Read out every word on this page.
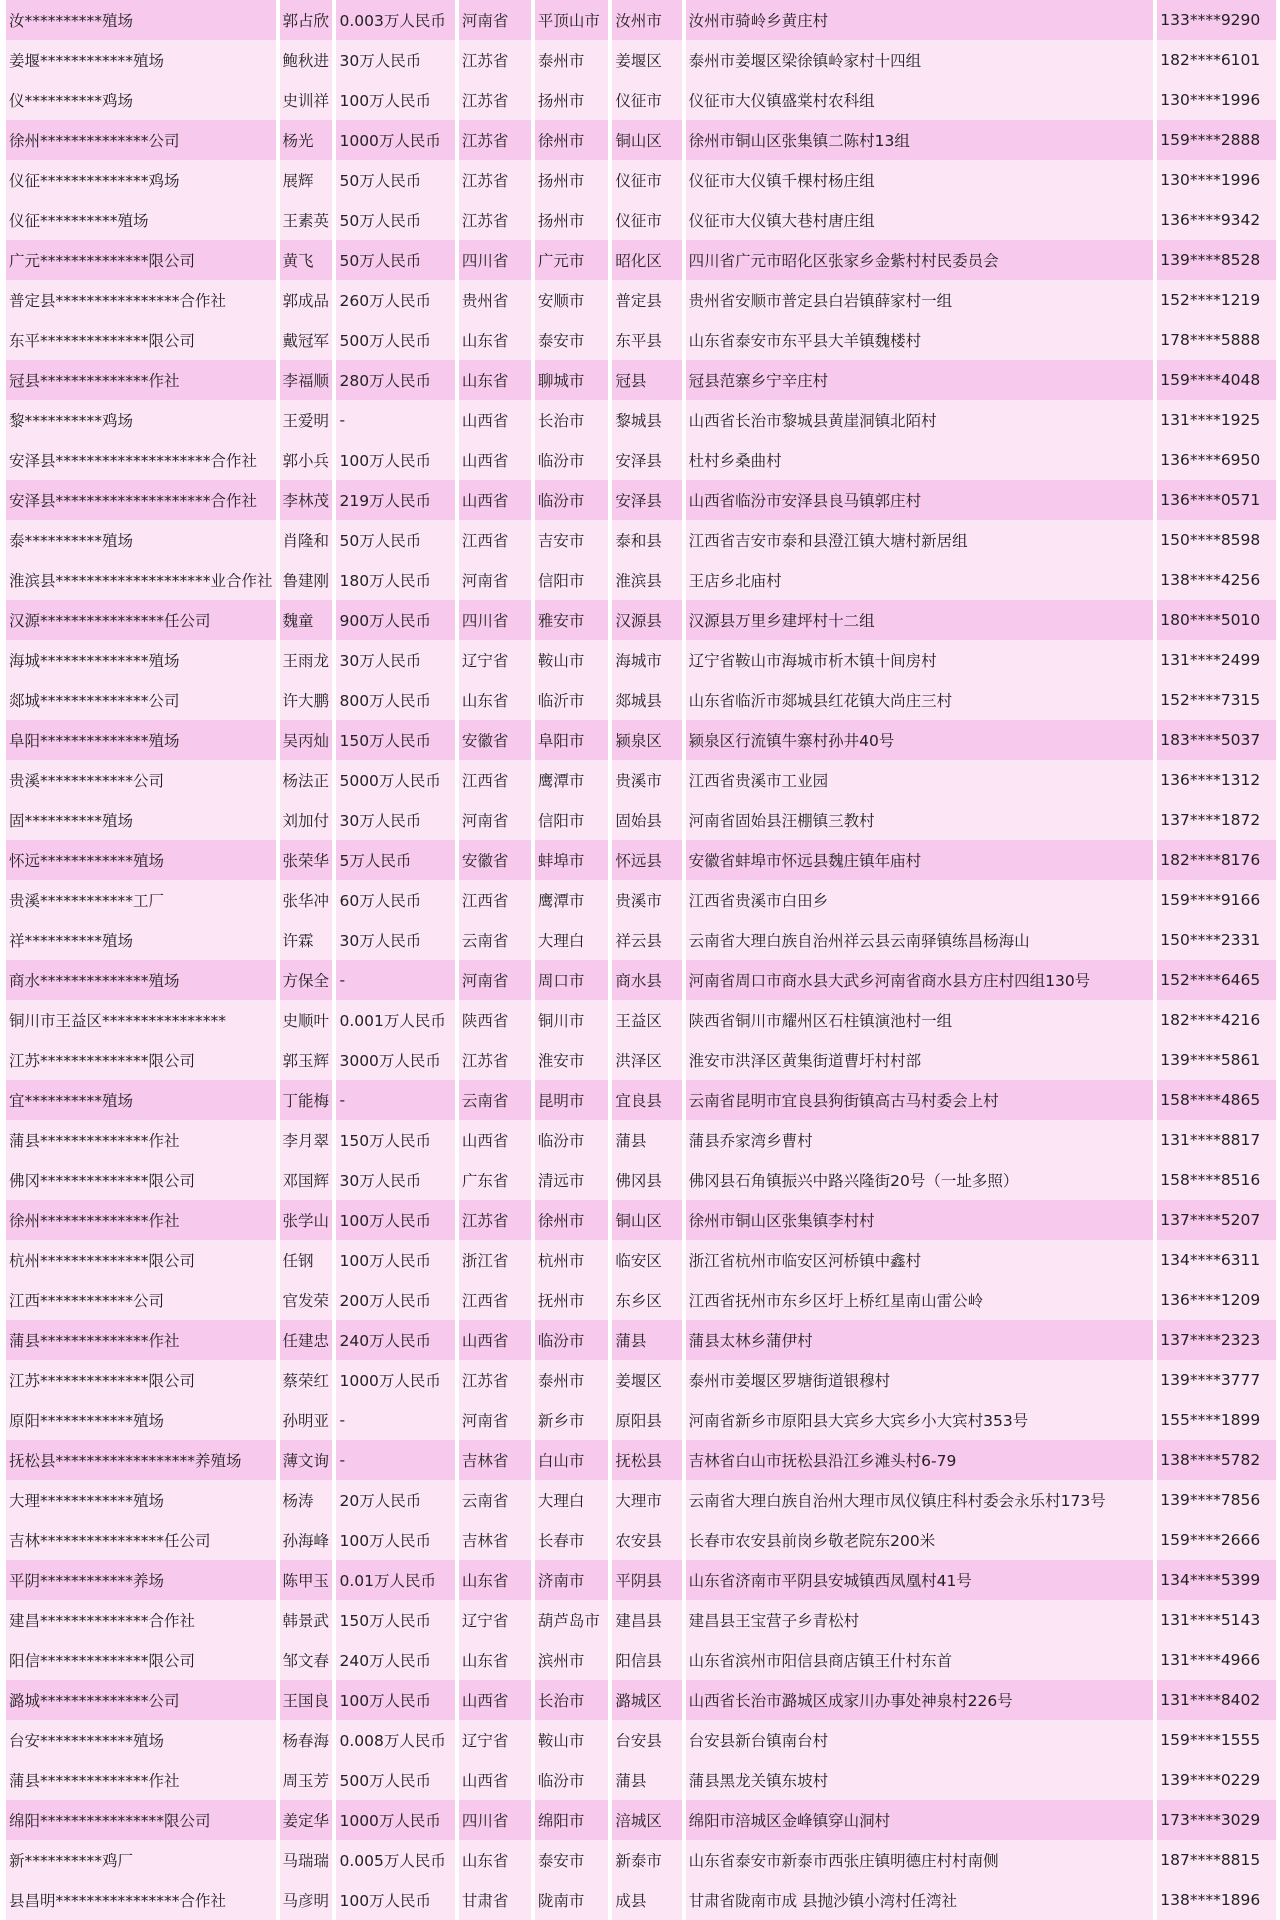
汝**********殖场	郭占欣	0.003万人民币	河南省	平顶山市	汝州市	汝州市骑岭乡黄庄村	133****9290
姜堰************殖场	鲍秋进	30万人民币	江苏省	泰州市	姜堰区	泰州市姜堰区梁徐镇岭家村十四组	182****6101
仪**********鸡场	史训祥	100万人民币	江苏省	扬州市	仪征市	仪征市大仪镇盛棠村农科组	130****1996
徐州**************公司	杨光	1000万人民币	江苏省	徐州市	铜山区	徐州市铜山区张集镇二陈村13组	159****2888
仪征**************鸡场	展辉	50万人民币	江苏省	扬州市	仪征市	仪征市大仪镇千棵村杨庄组	130****1996
仪征**********殖场	王素英	50万人民币	江苏省	扬州市	仪征市	仪征市大仪镇大巷村唐庄组	136****9342
广元**************限公司	黄飞	50万人民币	四川省	广元市	昭化区	四川省广元市昭化区张家乡金紫村村民委员会	139****8528
普定县****************合作社	郭成品	260万人民币	贵州省	安顺市	普定县	贵州省安顺市普定县白岩镇薛家村一组	152****1219
东平**************限公司	戴冠军	500万人民币	山东省	泰安市	东平县	山东省泰安市东平县大羊镇魏楼村	178****5888
冠县**************作社	李福顺	280万人民币	山东省	聊城市	冠县	冠县范寨乡宁辛庄村	159****4048
黎**********鸡场	王爱明	-	山西省	长治市	黎城县	山西省长治市黎城县黄崖洞镇北陌村	131****1925
安泽县********************合作社	郭小兵	100万人民币	山西省	临汾市	安泽县	杜村乡桑曲村	136****6950
安泽县********************合作社	李林茂	219万人民币	山西省	临汾市	安泽县	山西省临汾市安泽县良马镇郭庄村	136****0571
泰**********殖场	肖隆和	50万人民币	江西省	吉安市	泰和县	江西省吉安市泰和县澄江镇大塘村新居组	150****8598
淮滨县********************业合作社	鲁建刚	180万人民币	河南省	信阳市	淮滨县	王店乡北庙村	138****4256
汉源****************任公司	魏童	900万人民币	四川省	雅安市	汉源县	汉源县万里乡建坪村十二组	180****5010
海城**************殖场	王雨龙	30万人民币	辽宁省	鞍山市	海城市	辽宁省鞍山市海城市析木镇十间房村	131****2499
郯城**************公司	许大鹏	800万人民币	山东省	临沂市	郯城县	山东省临沂市郯城县红花镇大尚庄三村	152****7315
阜阳**************殖场	吴丙灿	150万人民币	安徽省	阜阳市	颍泉区	颍泉区行流镇牛寨村孙井40号	183****5037
贵溪************公司	杨法正	5000万人民币	江西省	鹰潭市	贵溪市	江西省贵溪市工业园	136****1312
固**********殖场	刘加付	30万人民币	河南省	信阳市	固始县	河南省固始县汪棚镇三教村	137****1872
怀远************殖场	张荣华	5万人民币	安徽省	蚌埠市	怀远县	安徽省蚌埠市怀远县魏庄镇年庙村	182****8176
贵溪************工厂	张华冲	60万人民币	江西省	鹰潭市	贵溪市	江西省贵溪市白田乡	159****9166
祥**********殖场	许霖	30万人民币	云南省	大理白	祥云县	云南省大理白族自治州祥云县云南驿镇练昌杨海山	150****2331
商水**************殖场	方保全	-	河南省	周口市	商水县	河南省周口市商水县大武乡河南省商水县方庄村四组130号	152****6465
铜川市王益区****************	史顺叶	0.001万人民币	陕西省	铜川市	王益区	陕西省铜川市耀州区石柱镇演池村一组	182****4216
江苏**************限公司	郭玉辉	3000万人民币	江苏省	淮安市	洪泽区	淮安市洪泽区黄集街道曹圩村村部	139****5861
宜**********殖场	丁能梅	-	云南省	昆明市	宜良县	云南省昆明市宜良县狗街镇高古马村委会上村	158****4865
蒲县**************作社	李月翠	150万人民币	山西省	临汾市	蒲县	蒲县乔家湾乡曹村	131****8817
佛冈**************限公司	邓国辉	30万人民币	广东省	清远市	佛冈县	佛冈县石角镇振兴中路兴隆街20号（一址多照）	158****8516
徐州**************作社	张学山	100万人民币	江苏省	徐州市	铜山区	徐州市铜山区张集镇李村村	137****5207
杭州**************限公司	任钢	100万人民币	浙江省	杭州市	临安区	浙江省杭州市临安区河桥镇中鑫村	134****6311
江西************公司	官发荣	200万人民币	江西省	抚州市	东乡区	江西省抚州市东乡区圩上桥红星南山雷公岭	136****1209
蒲县**************作社	任建忠	240万人民币	山西省	临汾市	蒲县	蒲县太林乡蒲伊村	137****2323
江苏**************限公司	蔡荣红	1000万人民币	江苏省	泰州市	姜堰区	泰州市姜堰区罗塘街道银穆村	139****3777
原阳************殖场	孙明亚	-	河南省	新乡市	原阳县	河南省新乡市原阳县大宾乡大宾乡小大宾村353号	155****1899
抚松县******************养殖场	薄文询	-	吉林省	白山市	抚松县	吉林省白山市抚松县沿江乡滩头村6-79	138****5782
大理************殖场	杨涛	20万人民币	云南省	大理白	大理市	云南省大理白族自治州大理市凤仪镇庄科村委会永乐村173号	139****7856
吉林****************任公司	孙海峰	100万人民币	吉林省	长春市	农安县	长春市农安县前岗乡敬老院东200米	159****2666
平阴************养场	陈甲玉	0.01万人民币	山东省	济南市	平阴县	山东省济南市平阴县安城镇西凤凰村41号	134****5399
建昌**************合作社	韩景武	150万人民币	辽宁省	葫芦岛市	建昌县	建昌县王宝营子乡青松村	131****5143
阳信**************限公司	邹文春	240万人民币	山东省	滨州市	阳信县	山东省滨州市阳信县商店镇王什村东首	131****4966
潞城**************公司	王国良	100万人民币	山西省	长治市	潞城区	山西省长治市潞城区成家川办事处神泉村226号	131****8402
台安************殖场	杨春海	0.008万人民币	辽宁省	鞍山市	台安县	台安县新台镇南台村	159****1555
蒲县**************作社	周玉芳	500万人民币	山西省	临汾市	蒲县	蒲县黑龙关镇东坡村	139****0229
绵阳****************限公司	姜定华	1000万人民币	四川省	绵阳市	涪城区	绵阳市涪城区金峰镇穿山洞村	173****3029
新**********鸡厂	马瑞瑞	0.005万人民币	山东省	泰安市	新泰市	山东省泰安市新泰市西张庄镇明德庄村村南侧	187****8815
县昌明****************合作社	马彦明	100万人民币	甘肃省	陇南市	成县	甘肃省陇南市成 县抛沙镇小湾村任湾社	138****1896
